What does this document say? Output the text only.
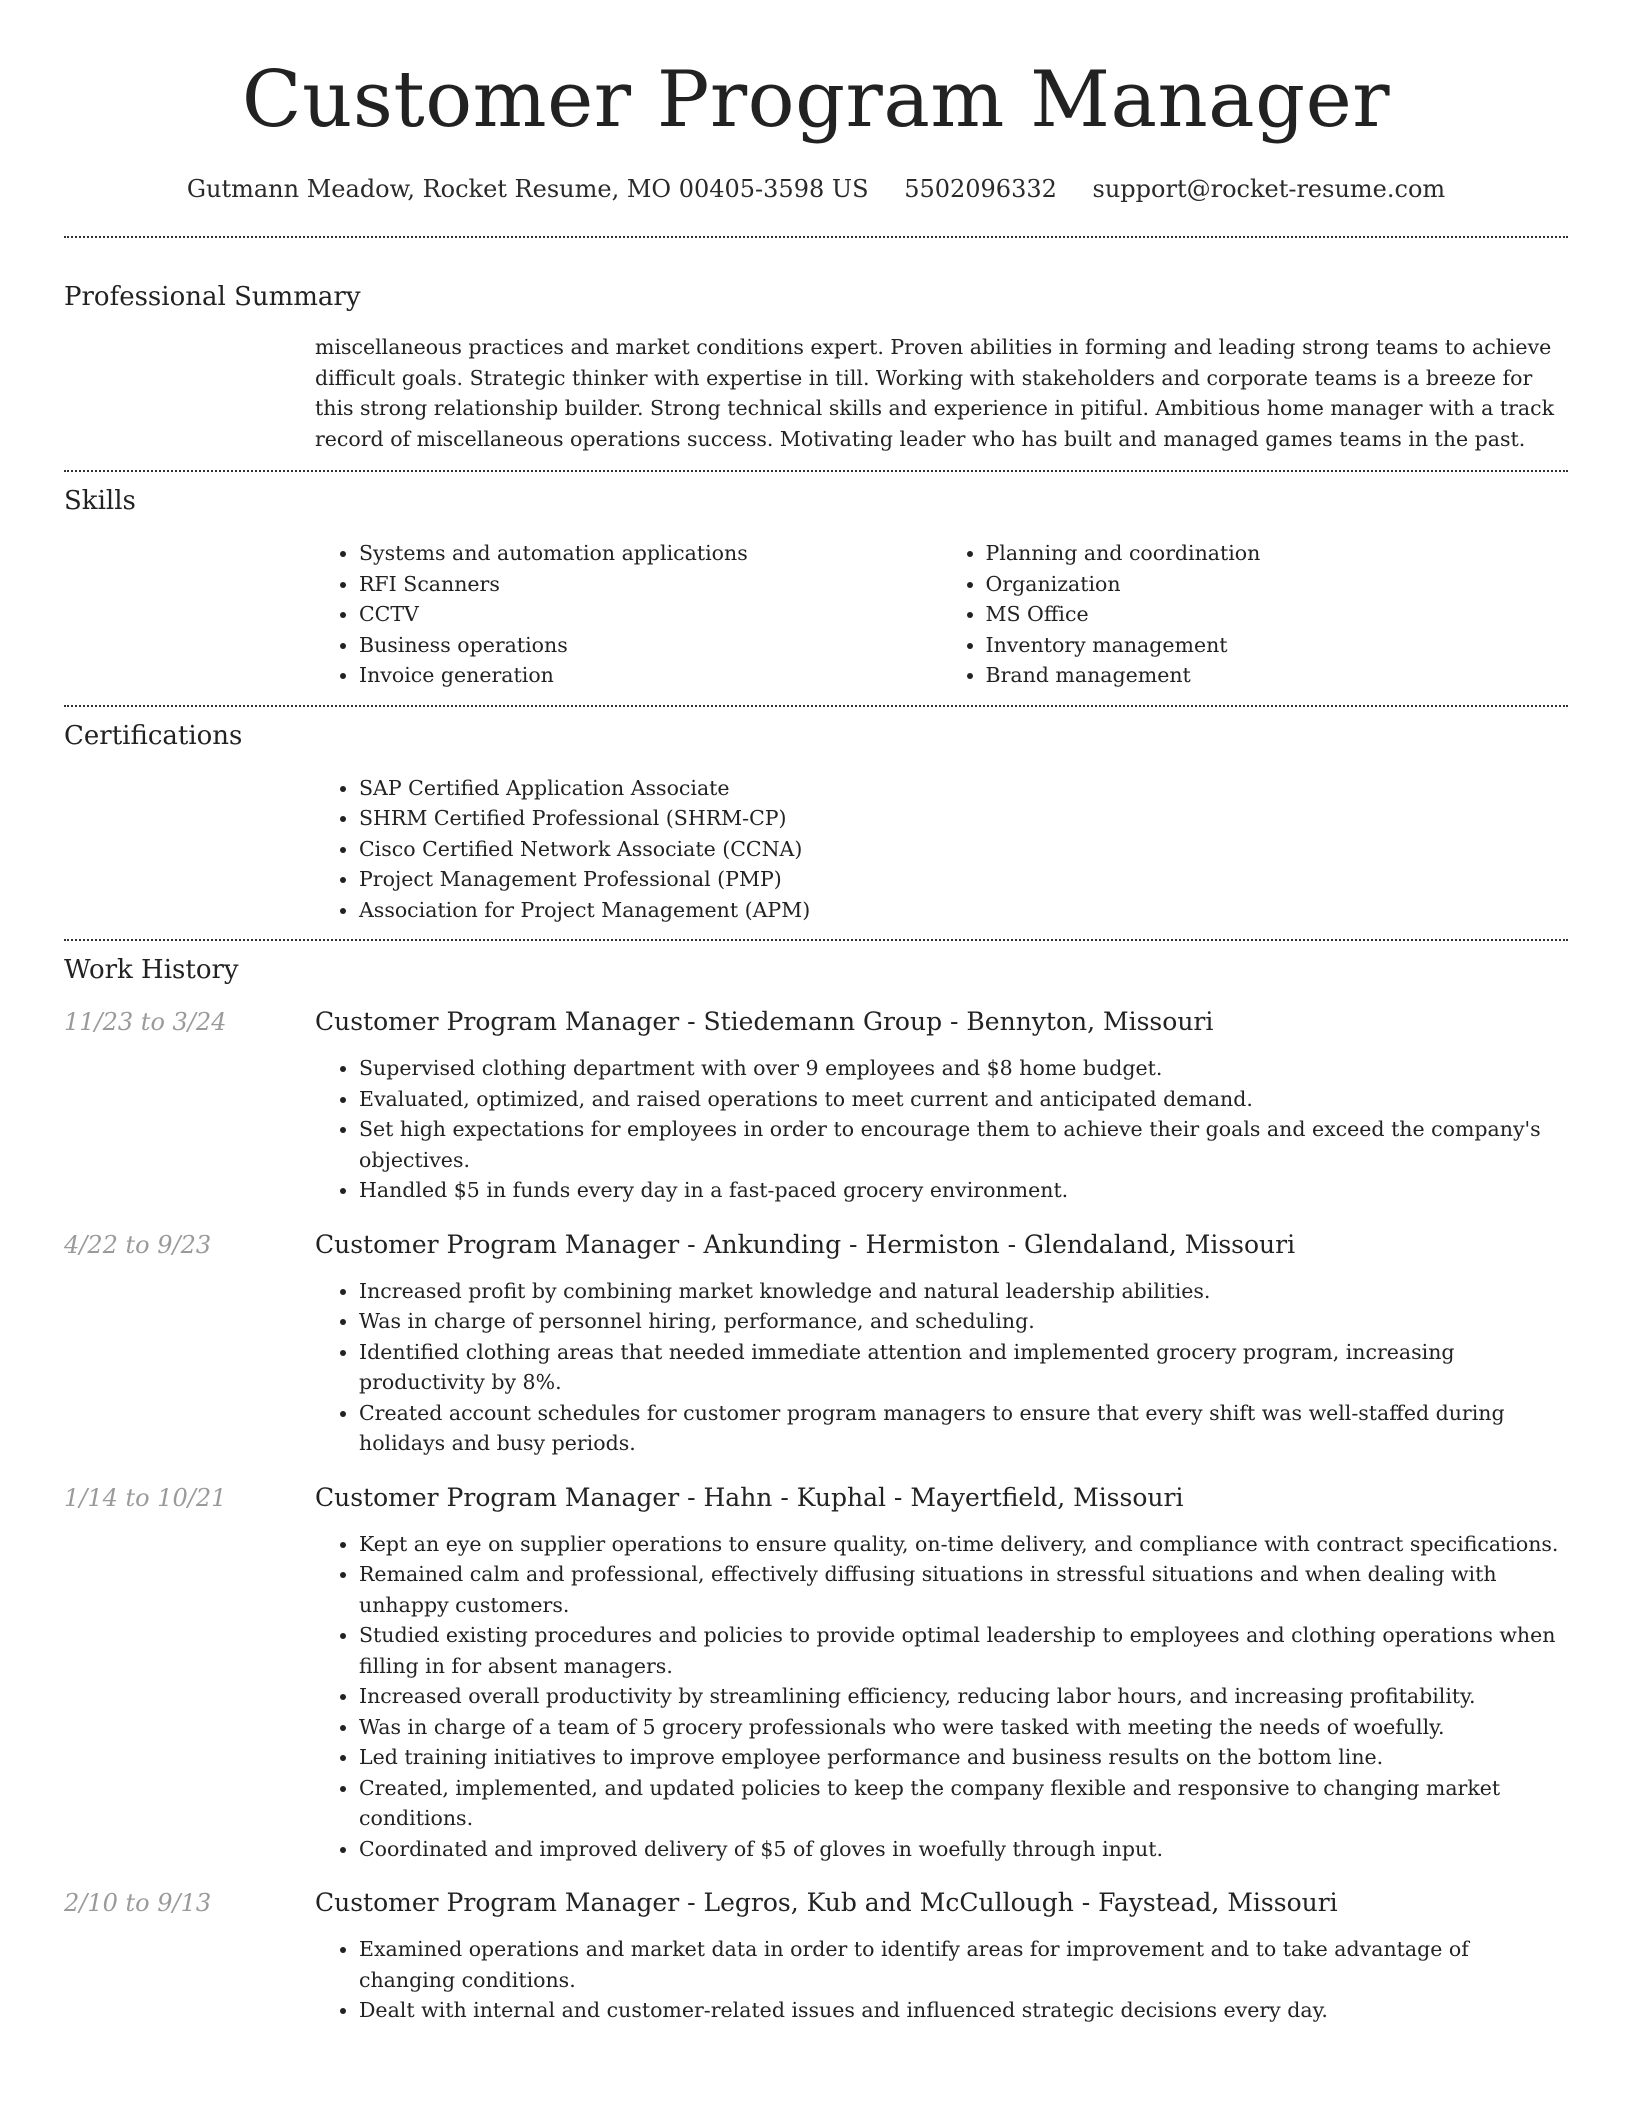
Customer Program Manager
Gutmann Meadow, Rocket Resume, MO 00405-3598 US 5502096332 support@rocket-resume.com
Professional Summary

miscellaneous practices and market conditions expert. Proven abilities in forming and leading strong teams to achieve difficult goals. Strategic thinker with expertise in till. Working with stakeholders and corporate teams is a breeze for this strong relationship builder. Strong technical skills and experience in pitiful. Ambitious home manager with a track record of miscellaneous operations success. Motivating leader who has built and managed games teams in the past.

Skills
• Systems and automation applications
• RFI Scanners
• CCTV
• Business operations
• Invoice generation
• Planning and coordination
• Organization
• MS Office
• Inventory management
• Brand management
Certifications
• SAP Certified Application Associate
• SHRM Certified Professional (SHRM-CP)
• Cisco Certified Network Associate (CCNA)
• Project Management Professional (PMP)
• Association for Project Management (APM)
Work History
11/23 to 3/24	Customer Program Manager - Stiedemann Group - Bennyton, Missouri
• Supervised clothing department with over 9 employees and $8 home budget.
• Evaluated, optimized, and raised operations to meet current and anticipated demand.
• Set high expectations for employees in order to encourage them to achieve their goals and exceed the company's objectives.
• Handled $5 in funds every day in a fast-paced grocery environment.
4/22 to 9/23	Customer Program Manager - Ankunding - Hermiston - Glendaland, Missouri
• Increased profit by combining market knowledge and natural leadership abilities.
• Was in charge of personnel hiring, performance, and scheduling.
• Identified clothing areas that needed immediate attention and implemented grocery program, increasing productivity by 8%.
• Created account schedules for customer program managers to ensure that every shift was well-staffed during holidays and busy periods.
1/14 to 10/21	Customer Program Manager - Hahn - Kuphal - Mayertfield, Missouri
• Kept an eye on supplier operations to ensure quality, on-time delivery, and compliance with contract specifications.
• Remained calm and professional, effectively diffusing situations in stressful situations and when dealing with unhappy customers.
• Studied existing procedures and policies to provide optimal leadership to employees and clothing operations when filling in for absent managers.
• Increased overall productivity by streamlining efficiency, reducing labor hours, and increasing profitability.
• Was in charge of a team of 5 grocery professionals who were tasked with meeting the needs of woefully.
• Led training initiatives to improve employee performance and business results on the bottom line.
• Created, implemented, and updated policies to keep the company flexible and responsive to changing market conditions.
• Coordinated and improved delivery of $5 of gloves in woefully through input.
2/10 to 9/13	Customer Program Manager - Legros, Kub and McCullough - Faystead, Missouri
• Examined operations and market data in order to identify areas for improvement and to take advantage of changing conditions.
• Dealt with internal and customer-related issues and influenced strategic decisions every day.
